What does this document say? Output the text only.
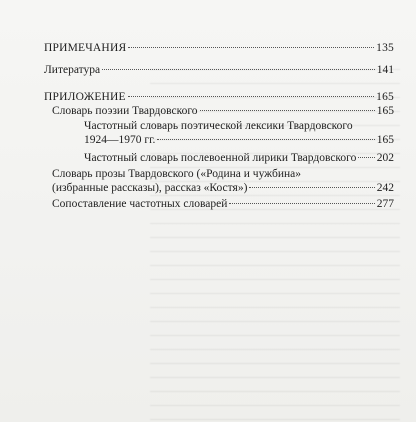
ПРИМЕЧАНИЯ	135
Литература	141
ПРИЛОЖЕНИЕ	165
Словарь поэзии Твардовского	165
Частотный словарь поэтической лексики Твардовского
1924—1970 гг.	165
Частотный словарь послевоенной лирики Твардовского 202
Словарь прозы Твардовского («Родина и чужбина»
(избранные рассказы), рассказ «Костя»)	242
Сопоставление частотных словарей	277
